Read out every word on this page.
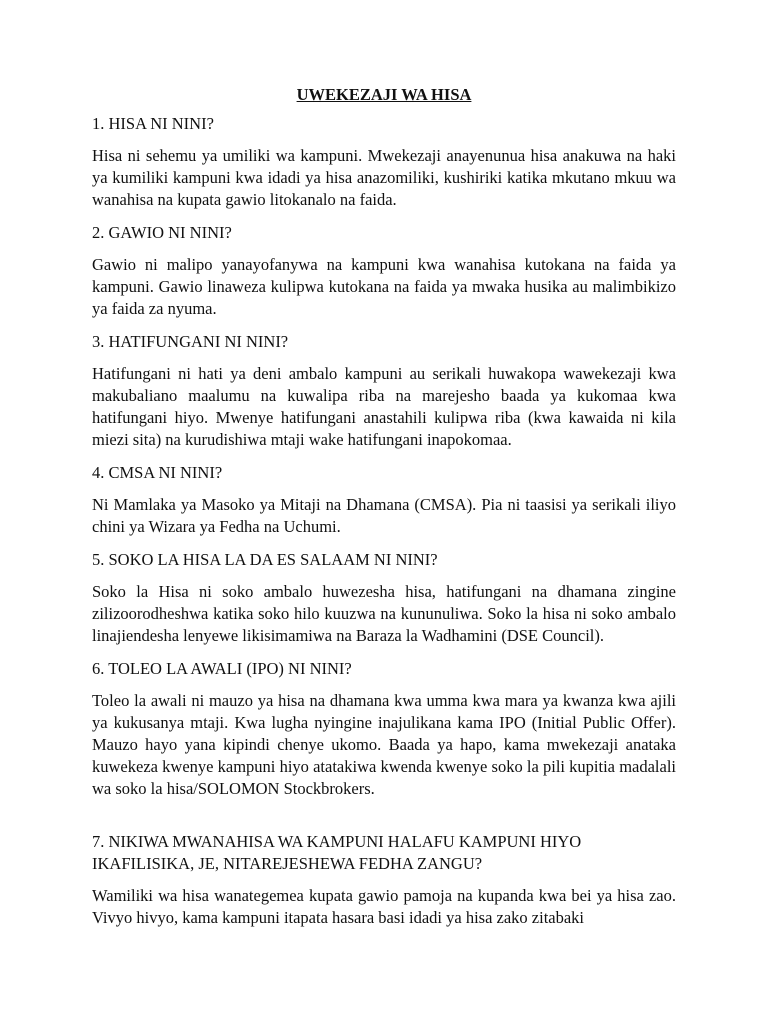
UWEKEZAJI WA HISA
1. HISA NI NINI?
Hisa ni sehemu ya umiliki wa kampuni. Mwekezaji anayenunua hisa anakuwa na haki ya kumiliki kampuni kwa idadi ya hisa anazomiliki, kushiriki katika mkutano mkuu wa wanahisa na kupata gawio litokanalo na faida.
2. GAWIO NI NINI?
Gawio ni malipo yanayofanywa na kampuni kwa wanahisa kutokana na faida ya kampuni. Gawio linaweza kulipwa kutokana na faida ya mwaka husika au malimbikizo ya faida za nyuma.
3. HATIFUNGANI NI NINI?
Hatifungani ni hati ya deni ambalo kampuni au serikali huwakopa wawekezaji kwa makubaliano maalumu na kuwalipa riba na marejesho baada ya kukomaa kwa hatifungani hiyo. Mwenye hatifungani anastahili kulipwa riba (kwa kawaida ni kila miezi sita) na kurudishiwa mtaji wake hatifungani inapokomaa.
4. CMSA NI NINI?
Ni Mamlaka ya Masoko ya Mitaji na Dhamana (CMSA). Pia ni taasisi ya serikali iliyo chini ya Wizara ya Fedha na Uchumi.
5. SOKO LA HISA LA DA ES SALAAM NI NINI?
Soko la Hisa ni soko ambalo huwezesha hisa, hatifungani na dhamana zingine zilizoorodheshwa katika soko hilo kuuzwa na kununuliwa. Soko la hisa ni soko ambalo linajiendesha lenyewe likisimamiwa na Baraza la Wadhamini (DSE Council).
6. TOLEO LA AWALI (IPO) NI NINI?
Toleo la awali ni mauzo ya hisa na dhamana kwa umma kwa mara ya kwanza kwa ajili ya kukusanya mtaji. Kwa lugha nyingine inajulikana kama IPO (Initial Public Offer). Mauzo hayo yana kipindi chenye ukomo. Baada ya hapo, kama mwekezaji anataka kuwekeza kwenye kampuni hiyo atatakiwa kwenda kwenye soko la pili kupitia madalali wa soko la hisa/SOLOMON Stockbrokers.
7. NIKIWA MWANAHISA WA KAMPUNI HALAFU KAMPUNI HIYO IKAFILISIKA, JE, NITAREJESHEWA FEDHA ZANGU?
Wamiliki wa hisa wanategemea kupata gawio pamoja na kupanda kwa bei ya hisa zao. Vivyo hivyo, kama kampuni itapata hasara basi idadi ya hisa zako zitabaki
